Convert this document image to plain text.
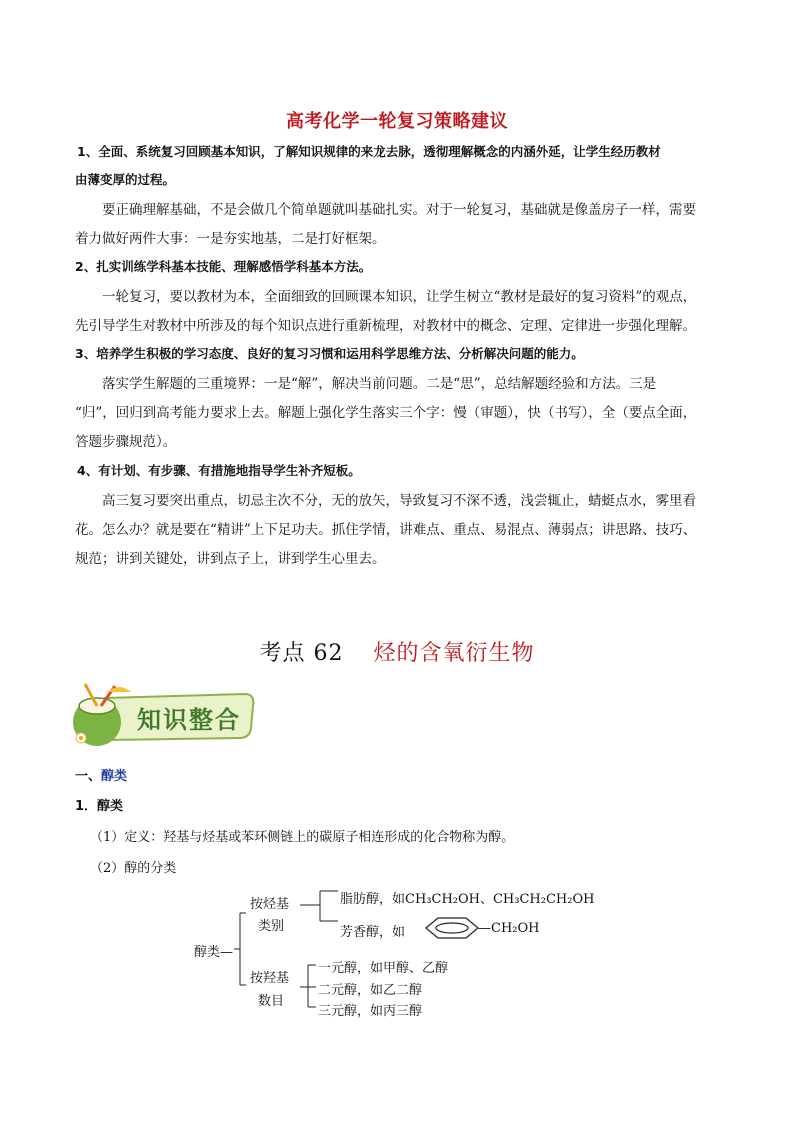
高考化学一轮复习策略建议
1、全面、系统复习回顾基本知识，了解知识规律的来龙去脉，透彻理解概念的内涵外延，让学生经历教材
由薄变厚的过程。
要正确理解基础，不是会做几个简单题就叫基础扎实。对于一轮复习，基础就是像盖房子一样，需要
着力做好两件大事：一是夯实地基，二是打好框架。
2、扎实训练学科基本技能、理解感悟学科基本方法。
一轮复习，要以教材为本，全面细致的回顾课本知识，让学生树立“教材是最好的复习资料”的观点，
先引导学生对教材中所涉及的每个知识点进行重新梳理，对教材中的概念、定理、定律进一步强化理解。
3、培养学生积极的学习态度、良好的复习习惯和运用科学思维方法、分析解决问题的能力。
落实学生解题的三重境界：一是“解”，解决当前问题。二是“思”，总结解题经验和方法。三是
“归”，回归到高考能力要求上去。解题上强化学生落实三个字：慢（审题），快（书写），全（要点全面，
答题步骤规范）。
4、有计划、有步骤、有措施地指导学生补齐短板。
高三复习要突出重点，切忌主次不分，无的放矢，导致复习不深不透，浅尝辄止，蜻蜓点水，雾里看
花。怎么办？就是要在“精讲”上下足功夫。抓住学情，讲难点、重点、易混点、薄弱点；讲思路、技巧、
规范；讲到关键处，讲到点子上，讲到学生心里去。
考点 62 烃的含氧衍生物
知识整合
一、醇类
1．醇类
（1）定义：羟基与烃基或苯环侧链上的碳原子相连形成的化合物称为醇。
（2）醇的分类
醇类—
按烃基
类别
按羟基
数目
脂肪醇，如CH₃CH₂OH、CH₃CH₂CH₂OH
芳香醇，如	—CH₂OH
一元醇，如甲醇、乙醇
二元醇，如乙二醇
三元醇，如丙三醇
